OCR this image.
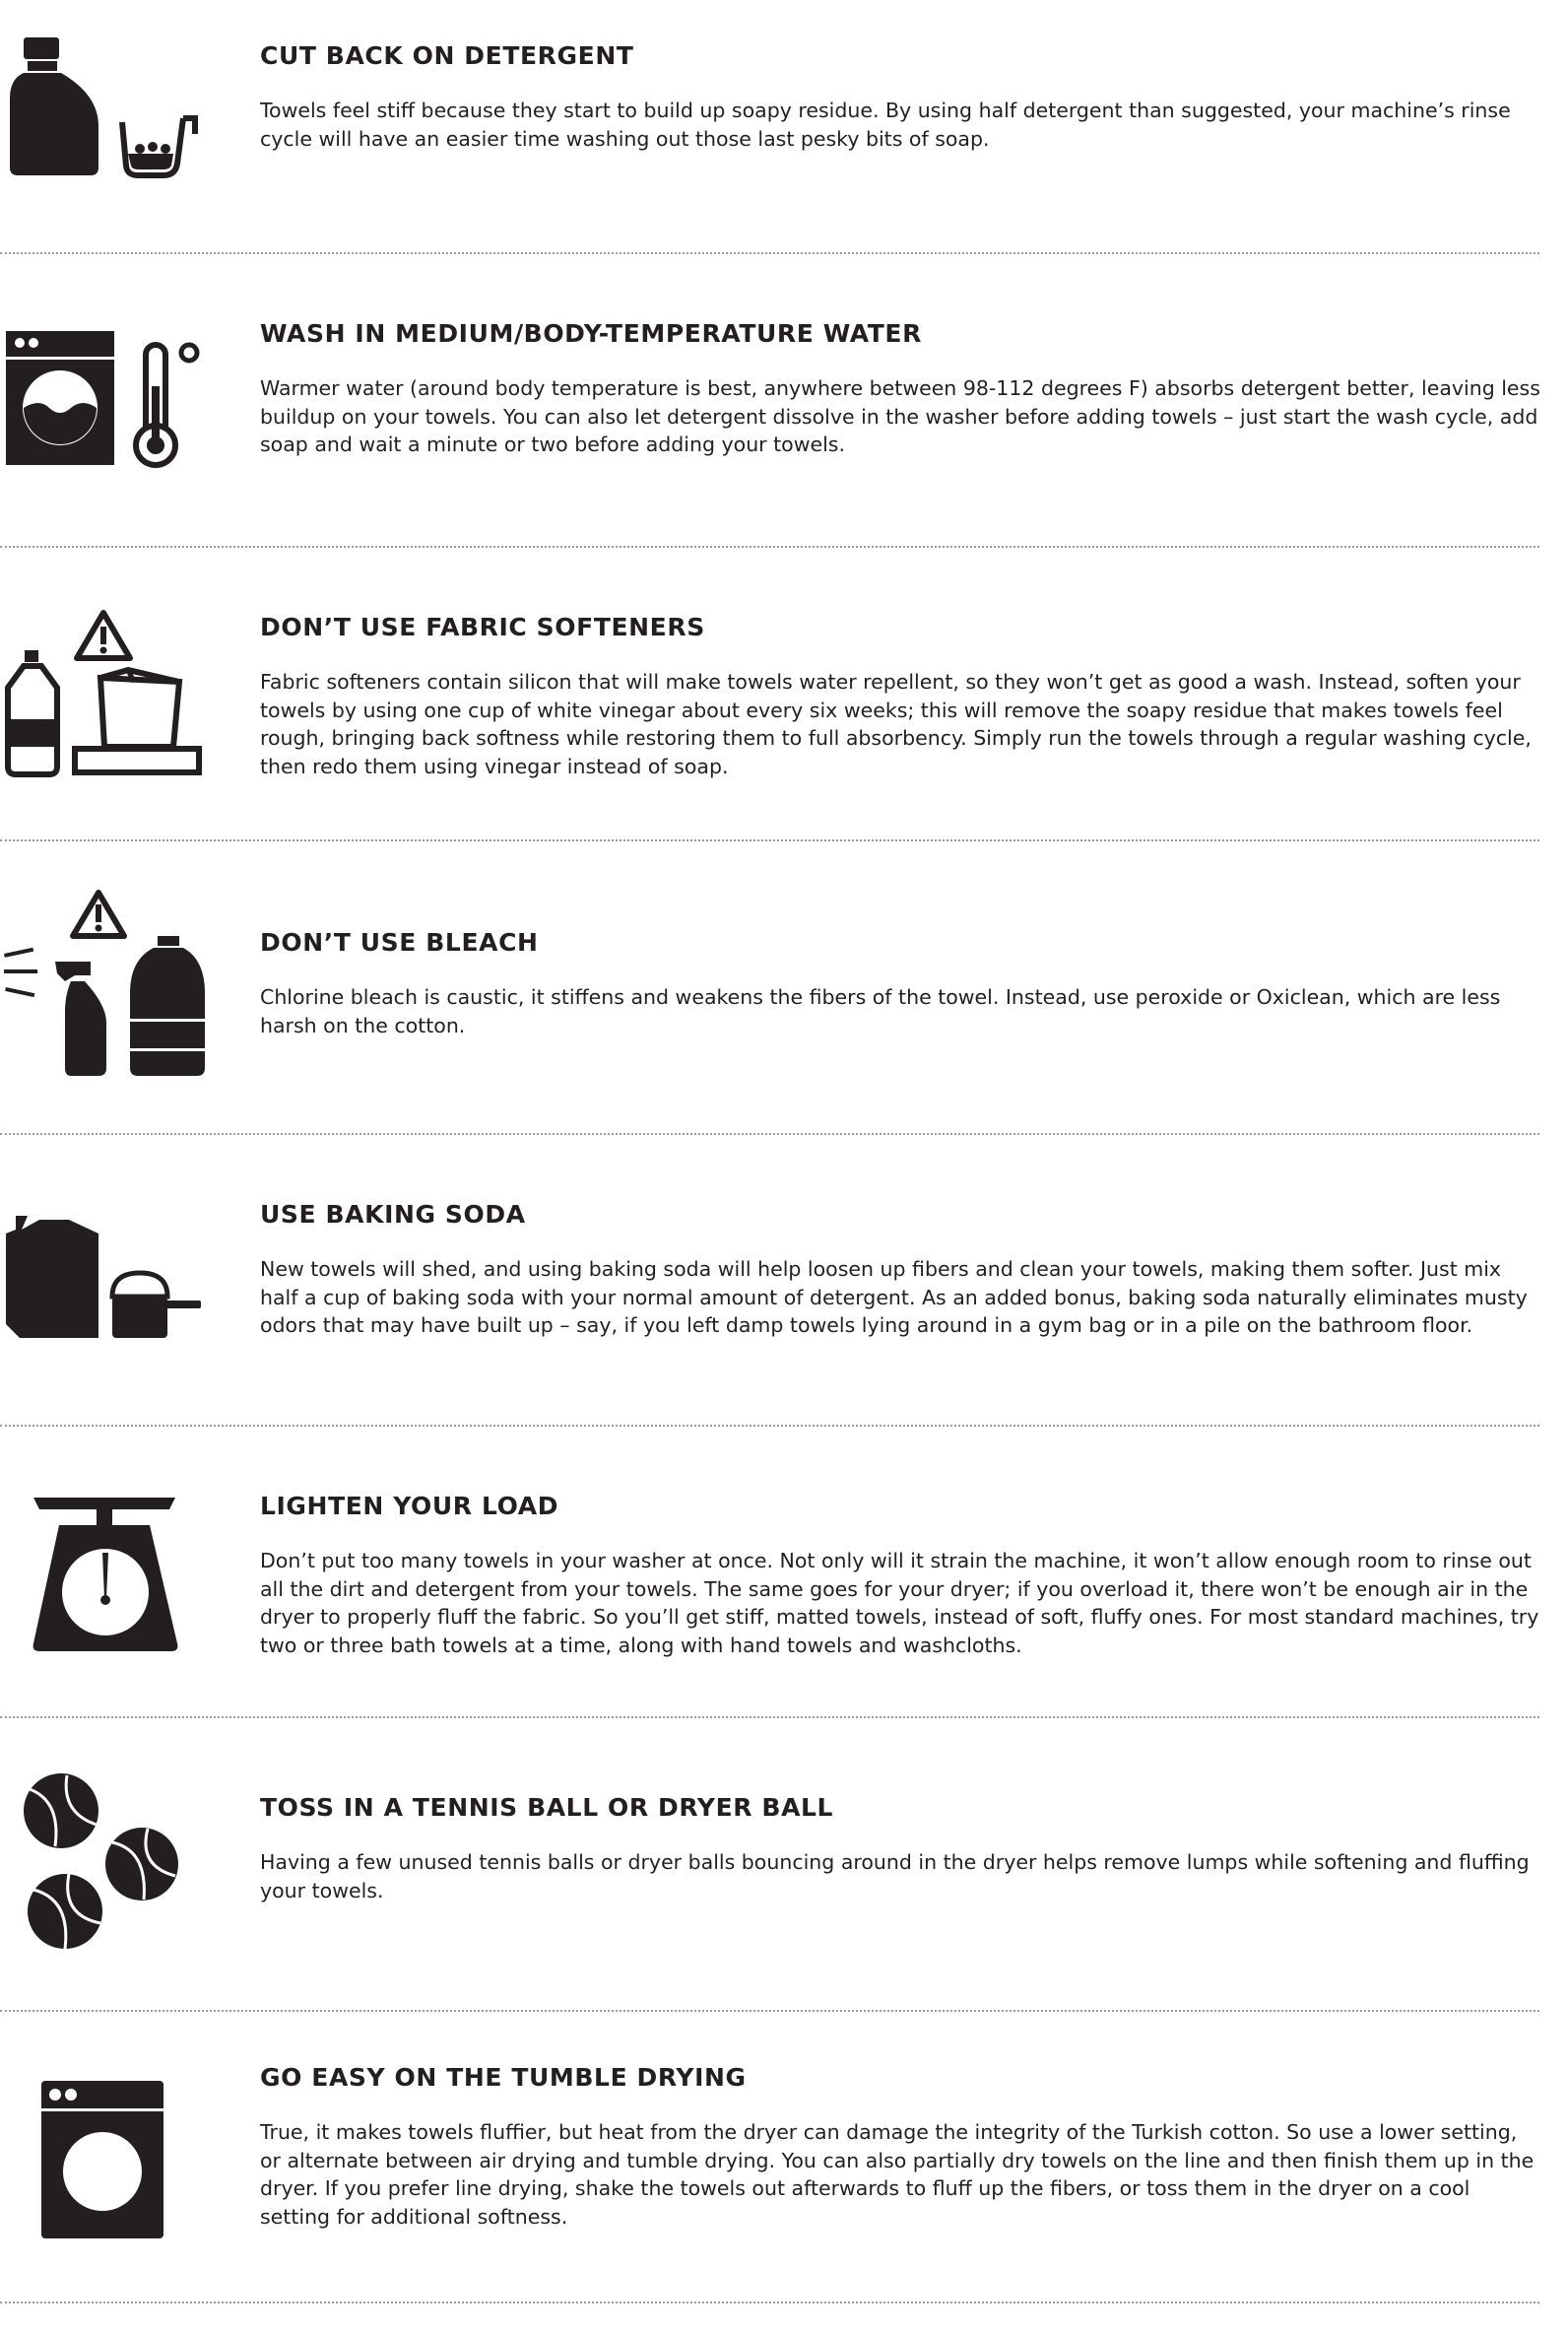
CUT BACK ON DETERGENT

Towels feel stiff because they start to build up soapy residue. By using half detergent than suggested, your machine’s rinse cycle will have an easier time washing out those last pesky bits of soap.

WASH IN MEDIUM/BODY-TEMPERATURE WATER

Warmer water (around body temperature is best, anywhere between 98-112 degrees F) absorbs detergent better, leaving less buildup on your towels. You can also let detergent dissolve in the washer before adding towels – just start the wash cycle, add soap and wait a minute or two before adding your towels.

DON’T USE FABRIC SOFTENERS

Fabric softeners contain silicon that will make towels water repellent, so they won’t get as good a wash. Instead, soften your towels by using one cup of white vinegar about every six weeks; this will remove the soapy residue that makes towels feel rough, bringing back softness while restoring them to full absorbency. Simply run the towels through a regular washing cycle, then redo them using vinegar instead of soap.

DON’T USE BLEACH

Chlorine bleach is caustic, it stiffens and weakens the fibers of the towel. Instead, use peroxide or Oxiclean, which are less harsh on the cotton.

USE BAKING SODA

New towels will shed, and using baking soda will help loosen up fibers and clean your towels, making them softer. Just mix half a cup of baking soda with your normal amount of detergent. As an added bonus, baking soda naturally eliminates musty odors that may have built up – say, if you left damp towels lying around in a gym bag or in a pile on the bathroom floor.

LIGHTEN YOUR LOAD

Don’t put too many towels in your washer at once. Not only will it strain the machine, it won’t allow enough room to rinse out all the dirt and detergent from your towels. The same goes for your dryer; if you overload it, there won’t be enough air in the dryer to properly fluff the fabric. So you’ll get stiff, matted towels, instead of soft, fluffy ones. For most standard machines, try two or three bath towels at a time, along with hand towels and washcloths.

TOSS IN A TENNIS BALL OR DRYER BALL

Having a few unused tennis balls or dryer balls bouncing around in the dryer helps remove lumps while softening and fluffing your towels.

GO EASY ON THE TUMBLE DRYING

True, it makes towels fluffier, but heat from the dryer can damage the integrity of the Turkish cotton. So use a lower setting, or alternate between air drying and tumble drying. You can also partially dry towels on the line and then finish them up in the dryer. If you prefer line drying, shake the towels out afterwards to fluff up the fibers, or toss them in the dryer on a cool setting for additional softness.
